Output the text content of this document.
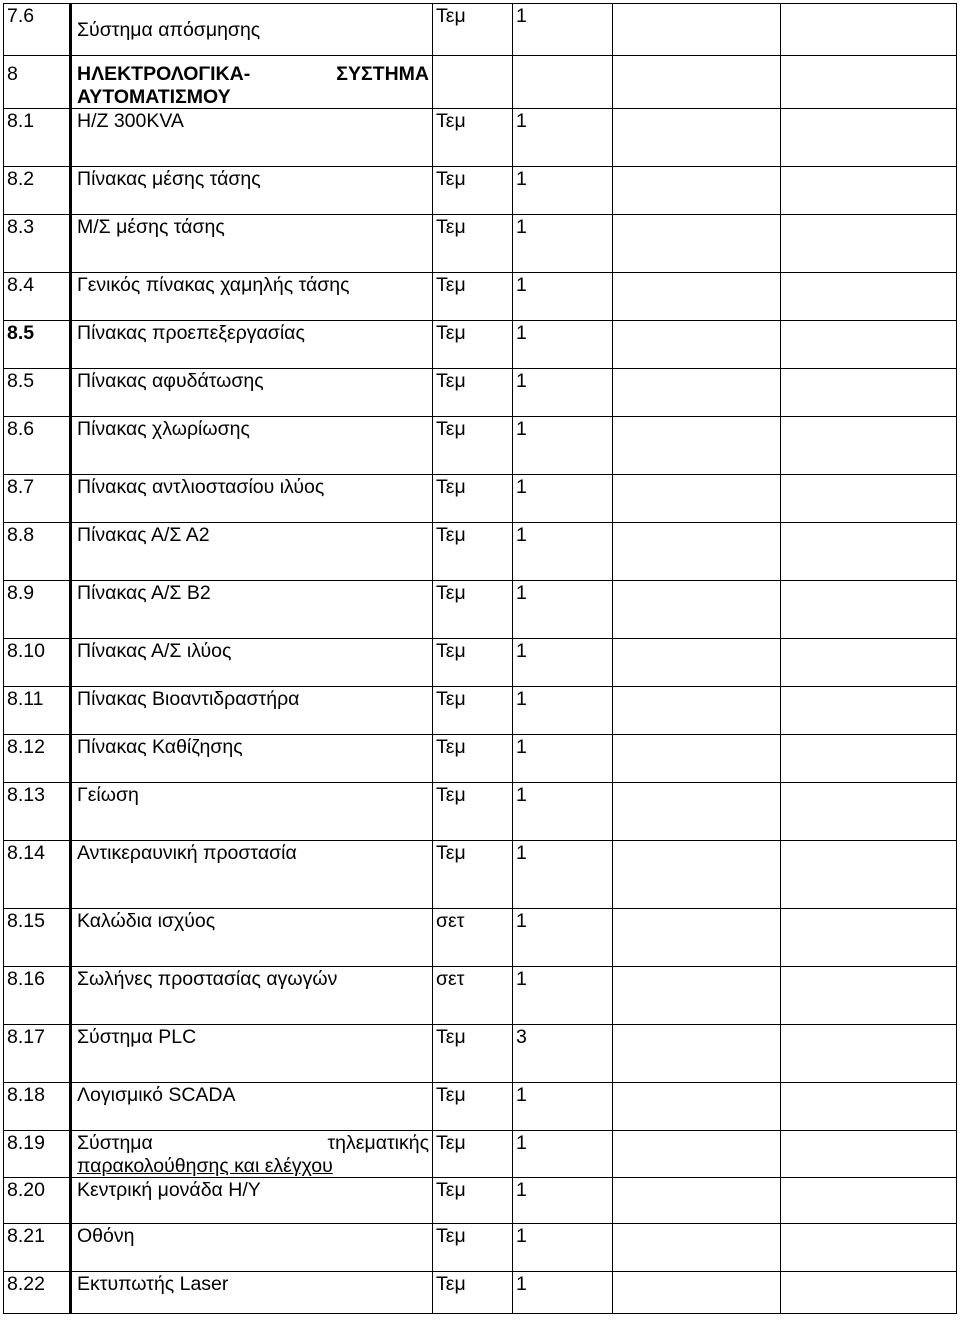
7.6	Σύστημα απόσμησης	Τεμ	1		
8	ΗΛΕΚΤΡΟΛΟΓΙΚΑ- ΣΥΣΤΗΜΑ
ΑΥΤΟΜΑΤΙΣΜΟΥ				

8.1	Η/Ζ 300KVA	Τεμ	1		
8.2	Πίνακας μέσης τάσης	Τεμ	1		
8.3	Μ/Σ μέσης τάσης	Τεμ	1		
8.4	Γενικός πίνακας χαμηλής τάσης	Τεμ	1		
8.5	Πίνακας προεπεξεργασίας	Τεμ	1		
8.5	Πίνακας αφυδάτωσης	Τεμ	1		
8.6	Πίνακας χλωρίωσης	Τεμ	1		
8.7	Πίνακας αντλιοστασίου ιλύος	Τεμ	1		
8.8	Πίνακας Α/Σ Α2	Τεμ	1		
8.9	Πίνακας Α/Σ Β2	Τεμ	1		
8.10	Πίνακας Α/Σ ιλύος	Τεμ	1		
8.11	Πίνακας Βιοαντιδραστήρα	Τεμ	1		
8.12	Πίνακας Καθίζησης	Τεμ	1		
8.13	Γείωση	Τεμ	1		
8.14	Αντικεραυνική προστασία	Τεμ	1		
8.15	Καλώδια ισχύος	σετ	1		
8.16	Σωλήνες προστασίας αγωγών	σετ	1		
8.17	Σύστημα PLC	Τεμ	3		
8.18	Λογισμικό SCADA	Τεμ	1		
8.19	Σύστημα τηλεματικής
παρακολούθησης και ελέγχου	Τεμ	1		
8.20	Κεντρική μονάδα Η/Υ	Τεμ	1		
8.21	Οθόνη	Τεμ	1		
8.22	Εκτυπωτής Laser	Τεμ	1		
